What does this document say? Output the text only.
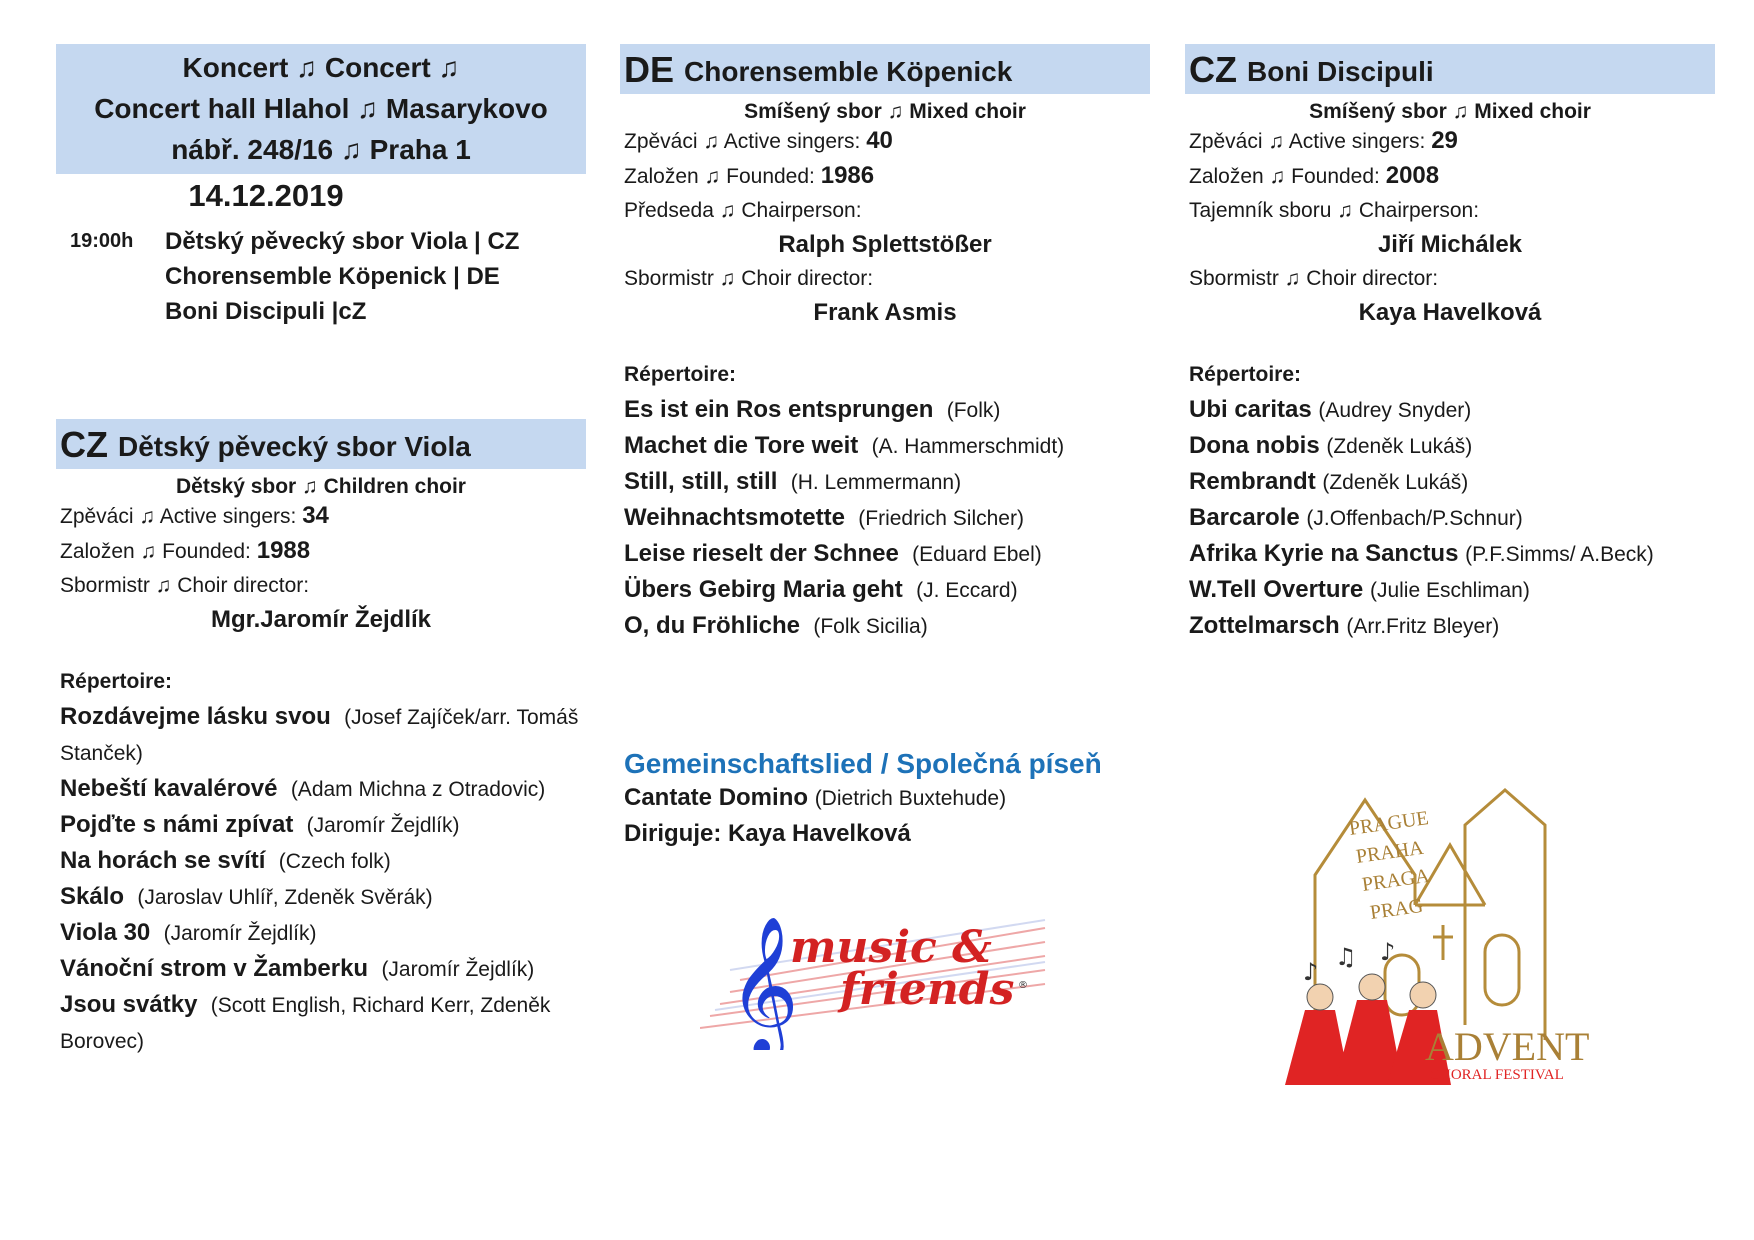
Koncert ♫ Concert ♫
Concert hall Hlahol ♫ Masarykovo
nábř. 248/16 ♫ Praha 1
14.12.2019
19:00h Dětský pěvecký sbor Viola | CZ
Chorensemble Köpenick | DE
Boni Discipuli |cZ
CZ Dětský pěvecký sbor Viola
Dětský sbor ♫ Children choir
Zpěváci ♫ Active singers: 34
Založen ♫ Founded: 1988
Sbormistr ♫ Choir director:
Mgr.Jaromír Žejdlík
Répertoire:
Rozdávejme lásku svou (Josef Zajíček/arr. Tomáš Stanček)
Nebeští kavalérové (Adam Michna z Otradovic)
Pojďte s námi zpívat (Jaromír Žejdlík)
Na horách se svítí (Czech folk)
Skálo (Jaroslav Uhlíř, Zdeněk Svěrák)
Viola 30 (Jaromír Žejdlík)
Vánoční strom v Žamberku (Jaromír Žejdlík)
Jsou svátky (Scott English, Richard Kerr, Zdeněk Borovec)
DE Chorensemble Köpenick
Smíšený sbor ♫ Mixed choir
Zpěváci ♫ Active singers: 40
Založen ♫ Founded: 1986
Předseda ♫ Chairperson:
Ralph Splettstößer
Sbormistr ♫ Choir director:
Frank Asmis
Répertoire:
Es ist ein Ros entsprungen (Folk)
Machet die Tore weit (A. Hammerschmidt)
Still, still, still (H. Lemmermann)
Weihnachtsmotette (Friedrich Silcher)
Leise rieselt der Schnee (Eduard Ebel)
Übers Gebirg Maria geht (J. Eccard)
O, du Fröhliche (Folk Sicilia)
Gemeinschaftslied / Společná píseň
Cantate Domino (Dietrich Buxtehude)
Diriguje: Kaya Havelková
CZ Boni Discipuli
Smíšený sbor ♫ Mixed choir
Zpěváci ♫ Active singers: 29
Založen ♫ Founded: 2008
Tajemník sboru ♫ Chairperson:
Jiří Michálek
Sbormistr ♫ Choir director:
Kaya Havelková
Répertoire:
Ubi caritas (Audrey Snyder)
Dona nobis (Zdeněk Lukáš)
Rembrandt (Zdeněk Lukáš)
Barcarole (J.Offenbach/P.Schnur)
Afrika Kyrie na Sanctus (P.F.Simms/ A.Beck)
W.Tell Overture (Julie Eschliman)
Zottelmarsch (Arr.Fritz Bleyer)
𝄞
music &
friends ®
PRAGUE
PRAHA
PRAGA
PRAG
♪
♫ ♪
ADVENT
CHORAL FESTIVAL
